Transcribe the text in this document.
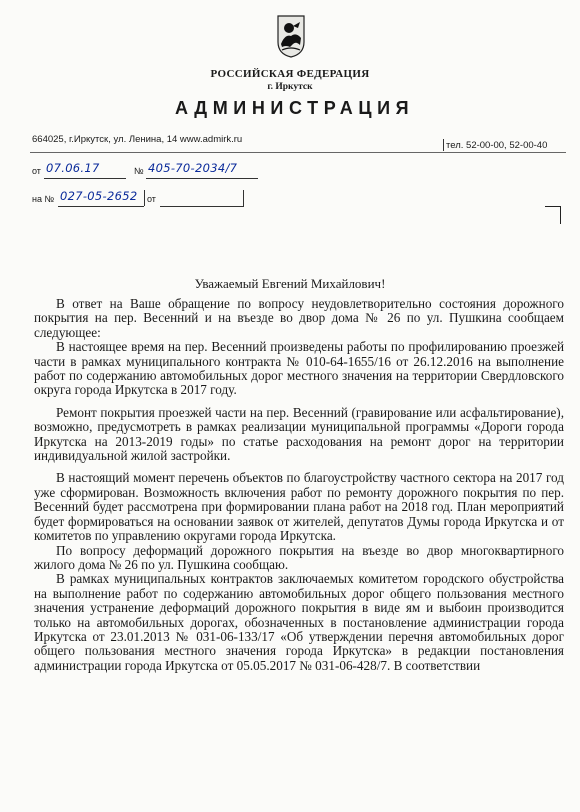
РОССИЙСКАЯ ФЕДЕРАЦИЯ
г. Иркутск
АДМИНИСТРАЦИЯ
664025, г.Иркутск, ул. Ленина, 14 www.admirk.ru
тел. 52-00-00, 52-00-40
от 07.06.17	№ 405-70-2034/7
на № 027-05-2652 от
Уважаемый Евгений Михайлович!

В ответ на Ваше обращение по вопросу неудовлетворительно состояния дорожного покрытия на пер. Весенний и на въезде во двор дома № 26 по ул. Пушкина сообщаем следующее:

В настоящее время на пер. Весенний произведены работы по профилированию проезжей части в рамках муниципального контракта № 010-64-1655/16 от 26.12.2016 на выполнение работ по содержанию автомобильных дорог местного значения на территории Свердловского округа города Иркутска в 2017 году.

Ремонт покрытия проезжей части на пер. Весенний (гравирование или асфальтирование), возможно, предусмотреть в рамках реализации муниципальной программы «Дороги города Иркутска на 2013-2019 годы» по статье расходования на ремонт дорог на территории индивидуальной жилой застройки.

В настоящий момент перечень объектов по благоустройству частного сектора на 2017 год уже сформирован. Возможность включения работ по ремонту дорожного покрытия по пер. Весенний будет рассмотрена при формировании плана работ на 2018 год. План мероприятий будет формироваться на основании заявок от жителей, депутатов Думы города Иркутска и от комитетов по управлению округами города Иркутска.

По вопросу деформаций дорожного покрытия на въезде во двор многоквартирного жилого дома № 26 по ул. Пушкина сообщаю.

В рамках муниципальных контрактов заключаемых комитетом городского обустройства на выполнение работ по содержанию автомобильных дорог общего пользования местного значения устранение деформаций дорожного покрытия в виде ям и выбоин производится только на автомобильных дорогах, обозначенных в постановление администрации города Иркутска от 23.01.2013 № 031-06-133/17 «Об утверждении перечня автомобильных дорог общего пользования местного значения города Иркутска» в редакции постановления администрации города Иркутска от 05.05.2017 № 031-06-428/7. В соответствии
